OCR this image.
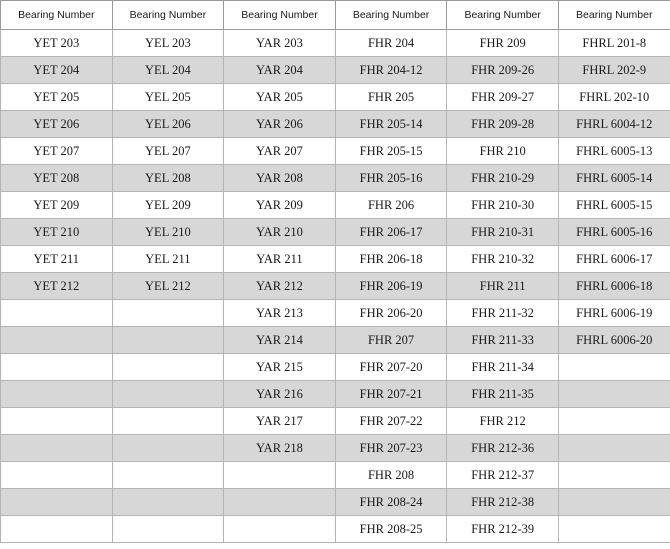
Bearing Number	Bearing Number	Bearing Number	Bearing Number	Bearing Number	Bearing Number
YET 203	YEL 203	YAR 203	FHR 204	FHR 209	FHRL 201-8
YET 204	YEL 204	YAR 204	FHR 204-12	FHR 209-26	FHRL 202-9
YET 205	YEL 205	YAR 205	FHR 205	FHR 209-27	FHRL 202-10
YET 206	YEL 206	YAR 206	FHR 205-14	FHR 209-28	FHRL 6004-12
YET 207	YEL 207	YAR 207	FHR 205-15	FHR 210	FHRL 6005-13
YET 208	YEL 208	YAR 208	FHR 205-16	FHR 210-29	FHRL 6005-14
YET 209	YEL 209	YAR 209	FHR 206	FHR 210-30	FHRL 6005-15
YET 210	YEL 210	YAR 210	FHR 206-17	FHR 210-31	FHRL 6005-16
YET 211	YEL 211	YAR 211	FHR 206-18	FHR 210-32	FHRL 6006-17
YET 212	YEL 212	YAR 212	FHR 206-19	FHR 211	FHRL 6006-18
		YAR 213	FHR 206-20	FHR 211-32	FHRL 6006-19
		YAR 214	FHR 207	FHR 211-33	FHRL 6006-20
		YAR 215	FHR 207-20	FHR 211-34	
		YAR 216	FHR 207-21	FHR 211-35	
		YAR 217	FHR 207-22	FHR 212	
		YAR 218	FHR 207-23	FHR 212-36	
			FHR 208	FHR 212-37	
			FHR 208-24	FHR 212-38	
			FHR 208-25	FHR 212-39	
